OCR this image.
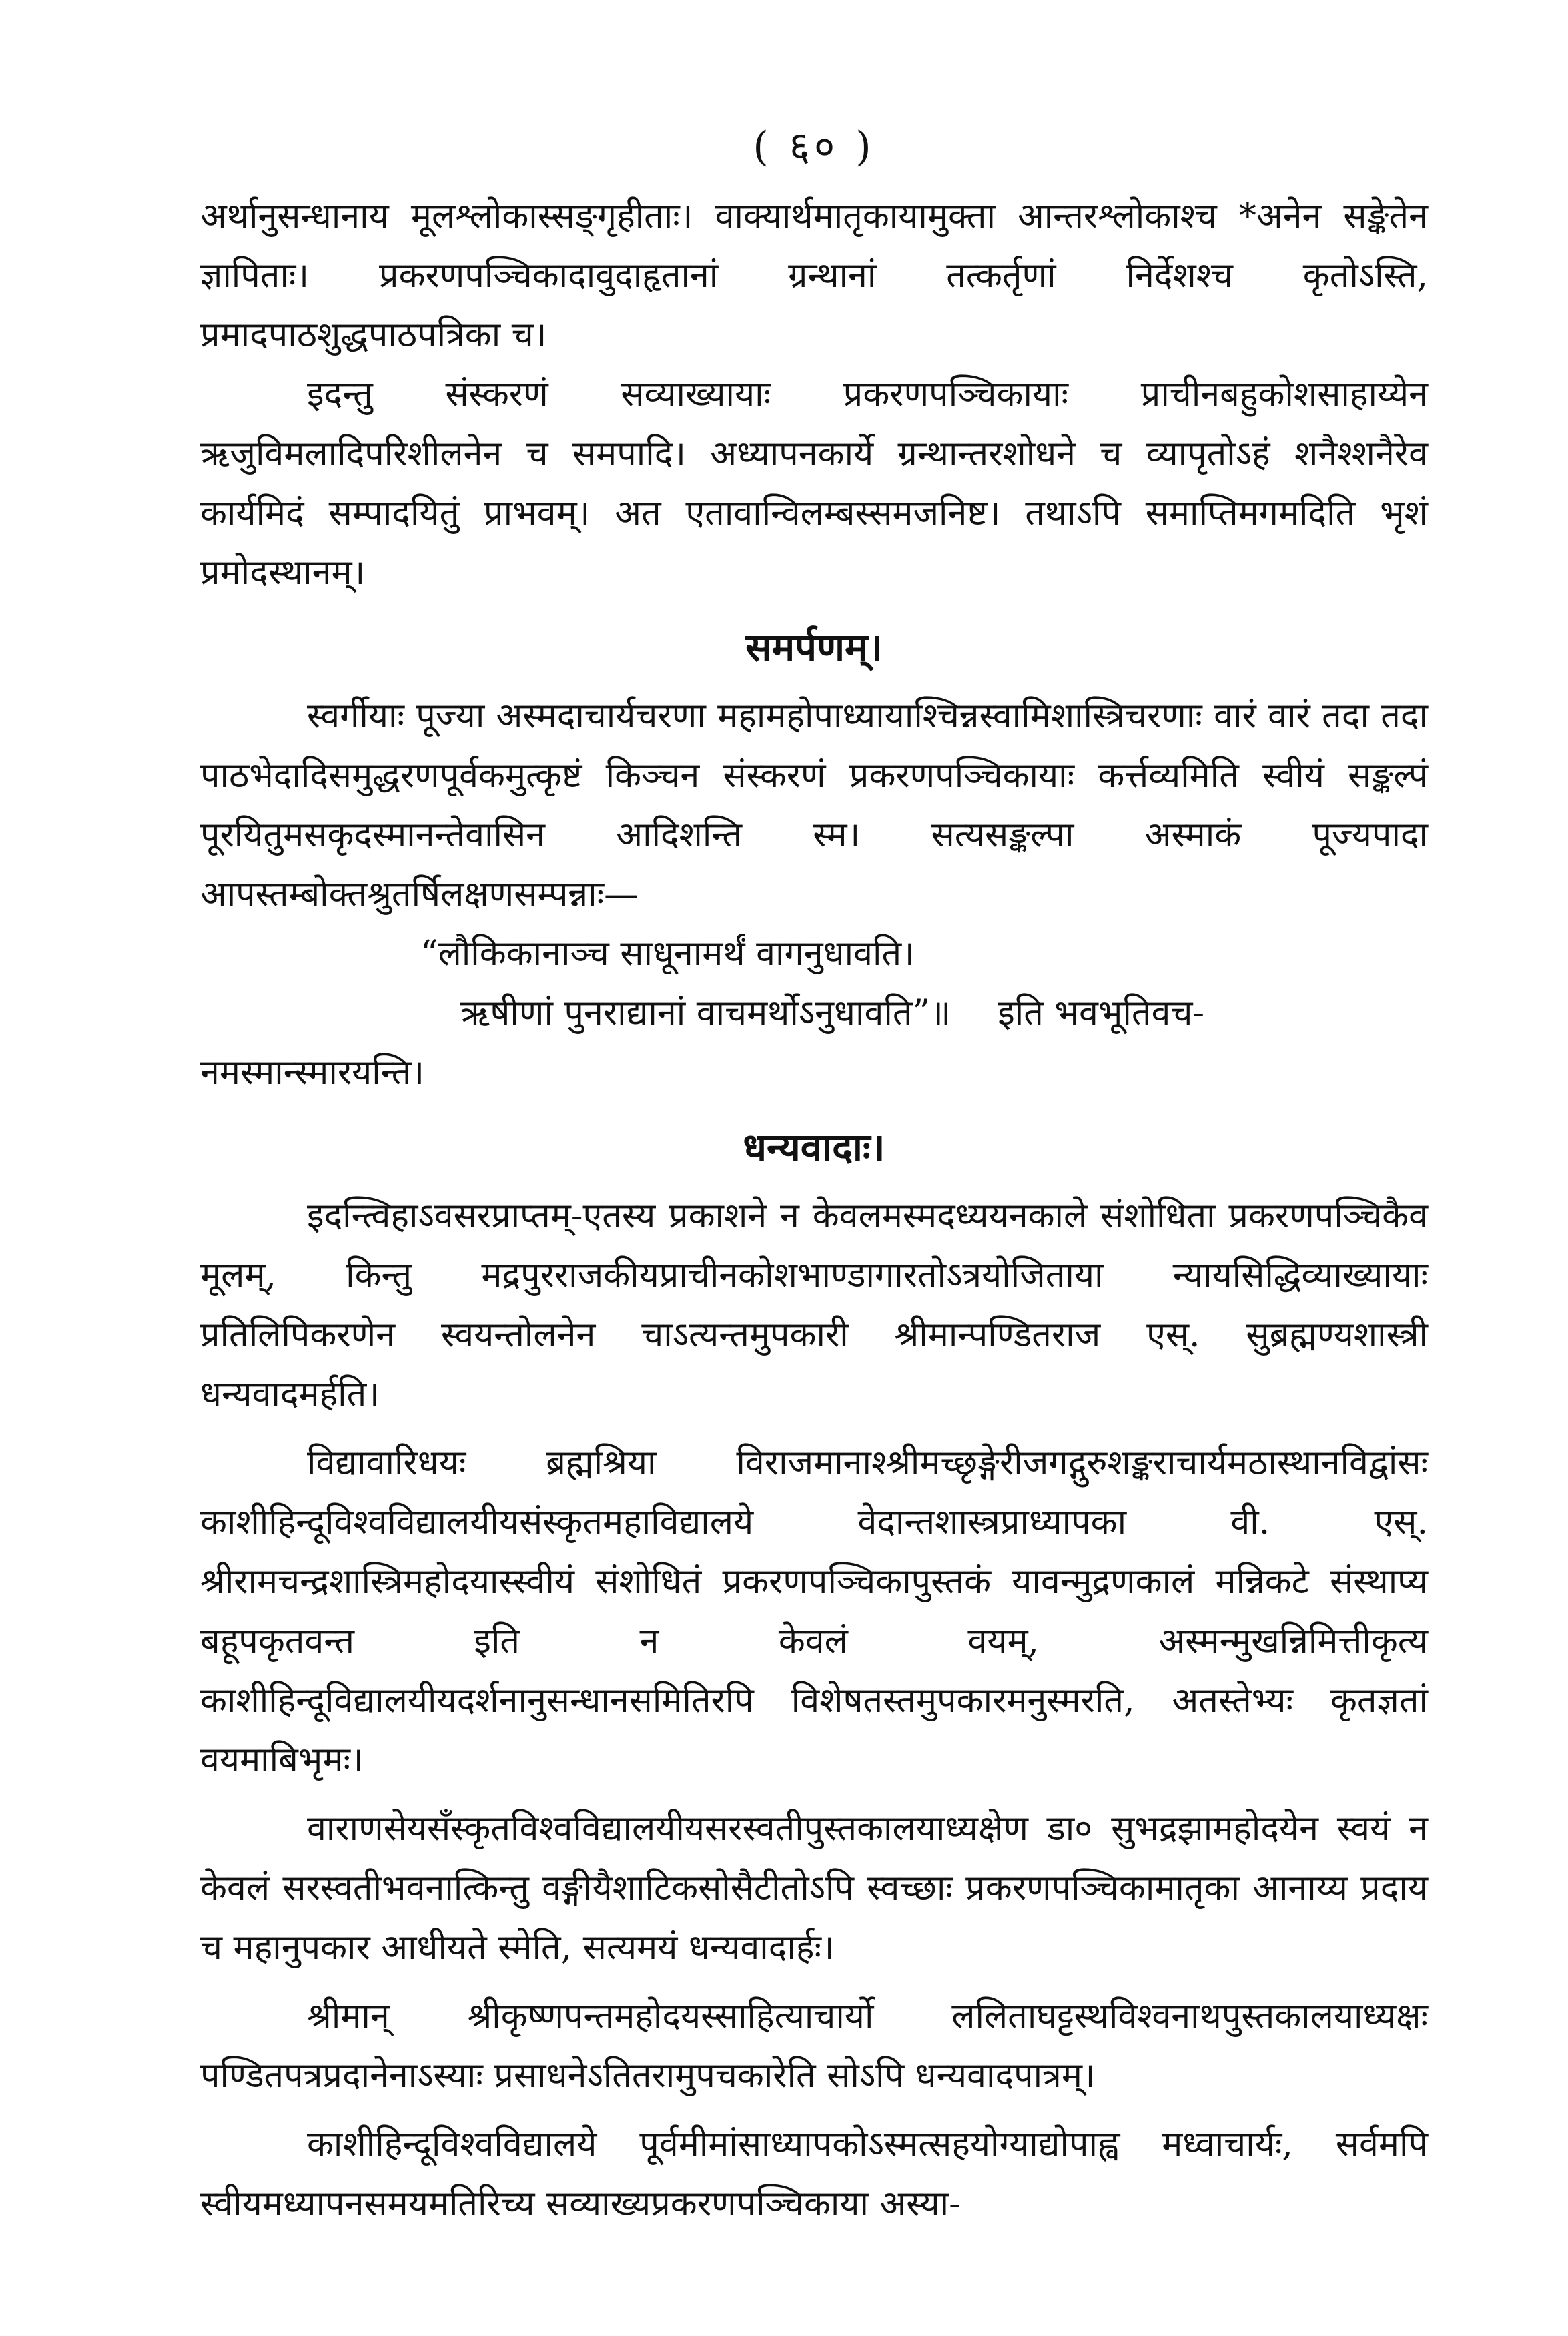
( ६० )

अर्थानुसन्धानाय मूलश्लोकास्सङ्गृहीताः। वाक्यार्थमातृकायामुक्ता आन्तरश्लोकाश्च *अनेन सङ्केतेन ज्ञापिताः। प्रकरणपञ्चिकादावुदाहृतानां ग्रन्थानां तत्कर्तृणां निर्देशश्च कृतोऽस्ति, प्रमादपाठशुद्धपाठपत्रिका च।

इदन्तु संस्करणं सव्याख्यायाः प्रकरणपञ्चिकायाः प्राचीनबहुकोशसाहाय्येन ऋजुविमलादिपरिशीलनेन च समपादि। अध्यापनकार्ये ग्रन्थान्तरशोधने च व्यापृतोऽहं शनैश्शनैरेव कार्यमिदं सम्पादयितुं प्राभवम्। अत एतावान्विलम्बस्समजनिष्ट। तथाऽपि समाप्तिमगमदिति भृशं प्रमोदस्थानम्।

समर्पणम्।

स्वर्गीयाः पूज्या अस्मदाचार्यचरणा महामहोपाध्यायाश्चिन्नस्वामिशास्त्रिचरणाः वारं वारं तदा तदा पाठभेदादिसमुद्धरणपूर्वकमुत्कृष्टं किञ्चन संस्करणं प्रकरणपञ्चिकायाः कर्त्तव्यमिति स्वीयं सङ्कल्पं पूरयितुमसकृदस्मानन्तेवासिन आदिशन्ति स्म। सत्यसङ्कल्पा अस्माकं पूज्यपादा आपस्तम्बोक्तश्रुतर्षिलक्षणसम्पन्नाः—

“लौकिकानाञ्च साधूनामर्थं वागनुधावति।
ऋषीणां पुनराद्यानां वाचमर्थोऽनुधावति”॥ इति भवभूतिवच-

नमस्मान्स्मारयन्ति।

धन्यवादाः।

इदन्त्विहाऽवसरप्राप्तम्-एतस्य प्रकाशने न केवलमस्मदध्ययनकाले संशोधिता प्रकरणपञ्चिकैव मूलम्, किन्तु मद्रपुरराजकीयप्राचीनकोशभाण्डागारतोऽत्रयोजिताया न्यायसिद्धिव्याख्यायाः प्रतिलिपिकरणेन स्वयन्तोलनेन चाऽत्यन्तमुपकारी श्रीमान्पण्डितराज एस्. सुब्रह्मण्यशास्त्री धन्यवादमर्हति।

विद्यावारिधयः ब्रह्मश्रिया विराजमानाश्श्रीमच्छृङ्गेरीजगद्गुरुशङ्कराचार्यमठास्थानविद्वांसः काशीहिन्दूविश्वविद्यालयीयसंस्कृतमहाविद्यालये वेदान्तशास्त्रप्राध्यापका वी. एस्. श्रीरामचन्द्रशास्त्रिमहोदयास्स्वीयं संशोधितं प्रकरणपञ्चिकापुस्तकं यावन्मुद्रणकालं मन्निकटे संस्थाप्य बहूपकृतवन्त इति न केवलं वयम्, अस्मन्मुखन्निमित्तीकृत्य काशीहिन्दूविद्यालयीयदर्शनानुसन्धानसमितिरपि विशेषतस्तमुपकारमनुस्मरति, अतस्तेभ्यः कृतज्ञतां वयमाबिभृमः।

वाराणसेयसँस्कृतविश्वविद्यालयीयसरस्वतीपुस्तकालयाध्यक्षेण डा० सुभद्रझामहोदयेन स्वयं न केवलं सरस्वतीभवनात्किन्तु वङ्गीयैशाटिकसोसैटीतोऽपि स्वच्छाः प्रकरणपञ्चिकामातृका आनाय्य प्रदाय च महानुपकार आधीयते स्मेति, सत्यमयं धन्यवादार्हः।

श्रीमान् श्रीकृष्णपन्तमहोदयस्साहित्याचार्यो ललिताघट्टस्थविश्वनाथपुस्तकालयाध्यक्षः पण्डितपत्रप्रदानेनाऽस्याः प्रसाधनेऽतितरामुपचकारेति सोऽपि धन्यवादपात्रम्।

काशीहिन्दूविश्वविद्यालये पूर्वमीमांसाध्यापकोऽस्मत्सहयोग्याद्योपाह्व मध्वाचार्यः, सर्वमपि स्वीयमध्यापनसमयमतिरिच्य सव्याख्यप्रकरणपञ्चिकाया अस्या-
